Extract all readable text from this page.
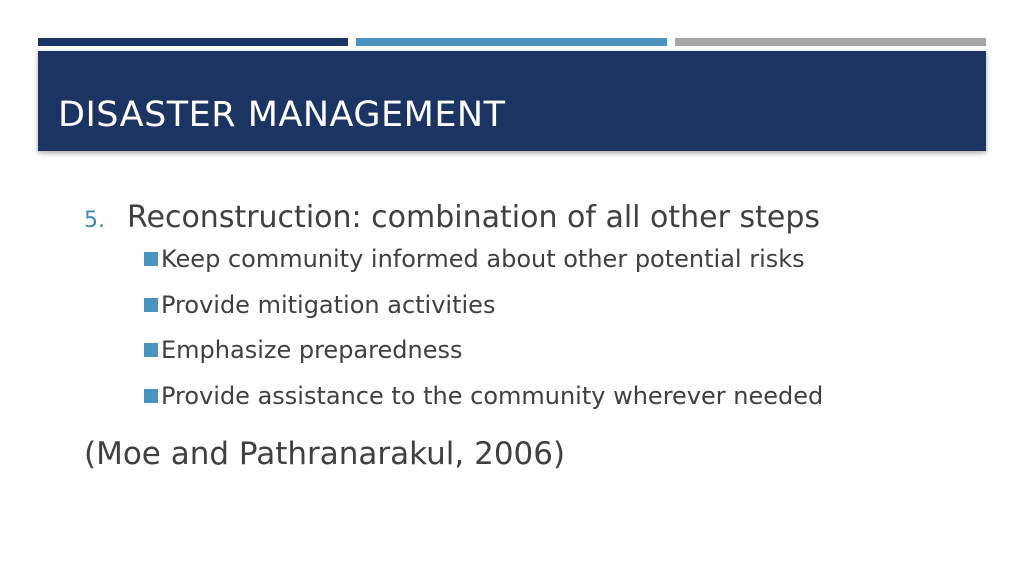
DISASTER MANAGEMENT
5. Reconstruction: combination of all other steps
Keep community informed about other potential risks
Provide mitigation activities
Emphasize preparedness
Provide assistance to the community wherever needed
(Moe and Pathranarakul, 2006)
